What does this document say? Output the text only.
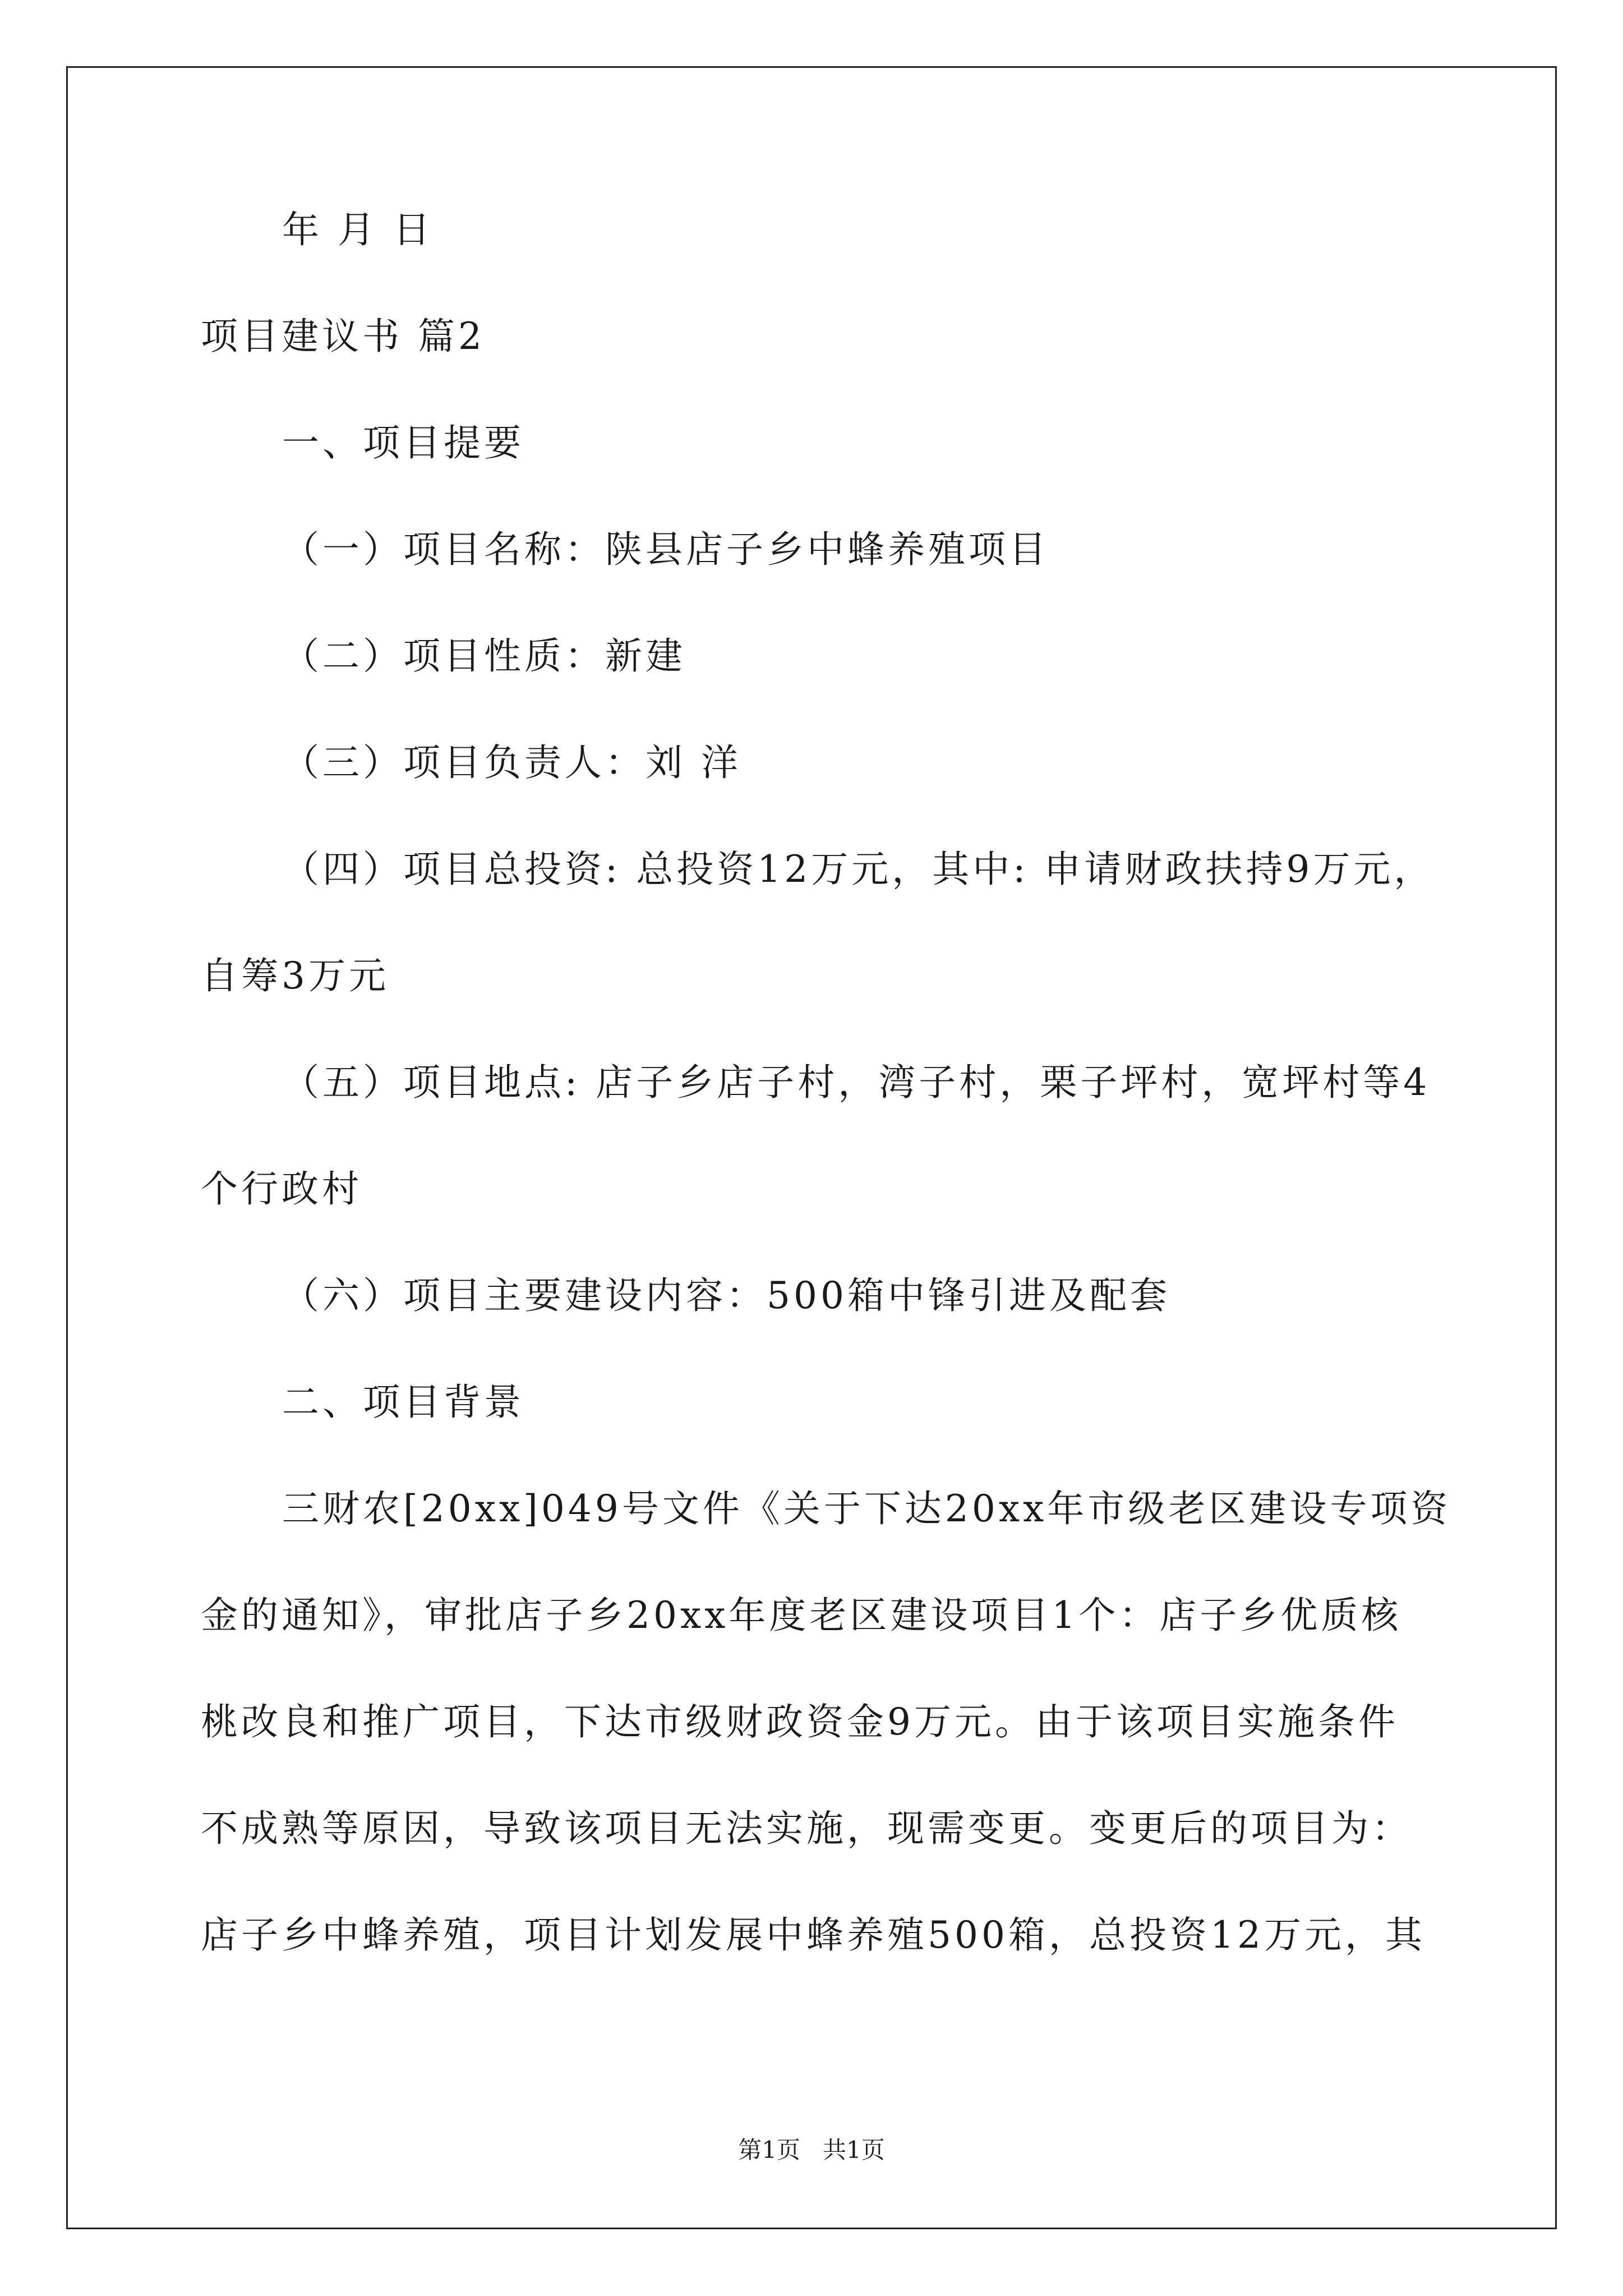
年 月 日
项目建议书 篇2
一、项目提要
（一）项目名称：陕县店子乡中蜂养殖项目
（二）项目性质：新建
（三）项目负责人：刘 洋
（四）项目总投资: 总投资12万元，其中: 申请财政扶持9万元，
自筹3万元
（五）项目地点: 店子乡店子村，湾子村，栗子坪村，宽坪村等4
个行政村
（六）项目主要建设内容：500箱中锋引进及配套
二、项目背景
三财农[20xx]049号文件《关于下达20xx年市级老区建设专项资
金的通知》，审批店子乡20xx年度老区建设项目1个：店子乡优质核
桃改良和推广项目，下达市级财政资金9万元。由于该项目实施条件
不成熟等原因，导致该项目无法实施，现需变更。变更后的项目为：
店子乡中蜂养殖，项目计划发展中蜂养殖500箱，总投资12万元，其
第1页   共1页
